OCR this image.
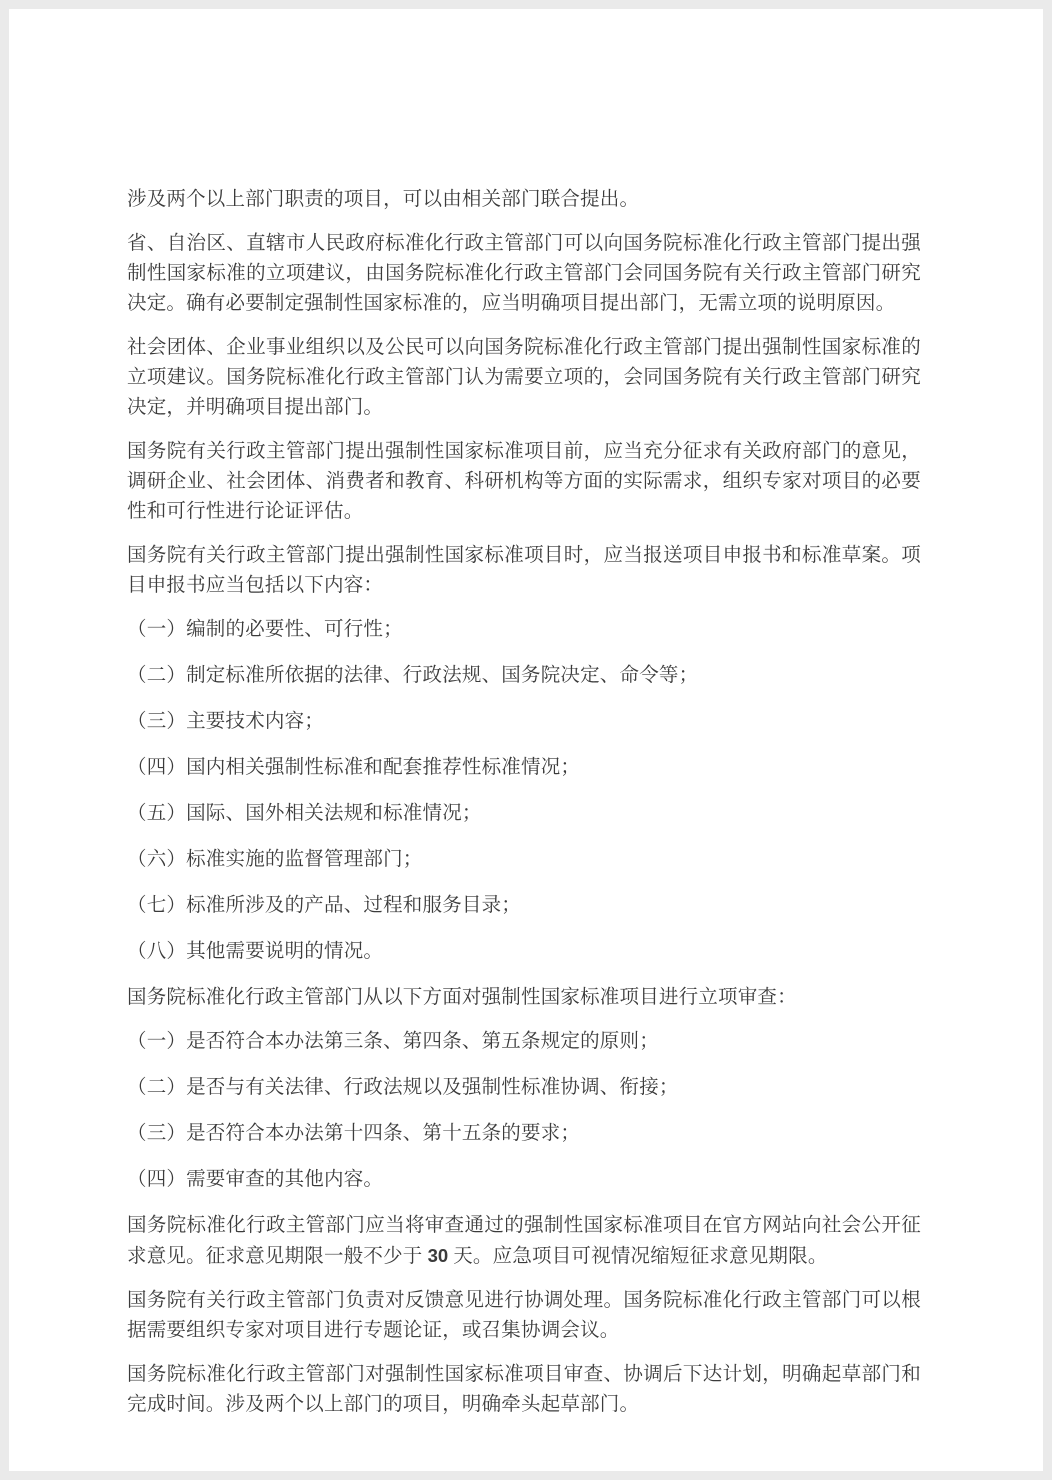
涉及两个以上部门职责的项目，可以由相关部门联合提出。

省、自治区、直辖市人民政府标准化行政主管部门可以向国务院标准化行政主管部门提出强制性国家标准的立项建议，由国务院标准化行政主管部门会同国务院有关行政主管部门研究决定。确有必要制定强制性国家标准的，应当明确项目提出部门，无需立项的说明原因。

社会团体、企业事业组织以及公民可以向国务院标准化行政主管部门提出强制性国家标准的立项建议。国务院标准化行政主管部门认为需要立项的，会同国务院有关行政主管部门研究决定，并明确项目提出部门。

国务院有关行政主管部门提出强制性国家标准项目前，应当充分征求有关政府部门的意见，调研企业、社会团体、消费者和教育、科研机构等方面的实际需求，组织专家对项目的必要性和可行性进行论证评估。

国务院有关行政主管部门提出强制性国家标准项目时，应当报送项目申报书和标准草案。项目申报书应当包括以下内容：

（一）编制的必要性、可行性；

（二）制定标准所依据的法律、行政法规、国务院决定、命令等；

（三）主要技术内容；

（四）国内相关强制性标准和配套推荐性标准情况；

（五）国际、国外相关法规和标准情况；

（六）标准实施的监督管理部门；

（七）标准所涉及的产品、过程和服务目录；

（八）其他需要说明的情况。

国务院标准化行政主管部门从以下方面对强制性国家标准项目进行立项审查：

（一）是否符合本办法第三条、第四条、第五条规定的原则；

（二）是否与有关法律、行政法规以及强制性标准协调、衔接；

（三）是否符合本办法第十四条、第十五条的要求；

（四）需要审查的其他内容。

国务院标准化行政主管部门应当将审查通过的强制性国家标准项目在官方网站向社会公开征求意见。征求意见期限一般不少于 30 天。应急项目可视情况缩短征求意见期限。

国务院有关行政主管部门负责对反馈意见进行协调处理。国务院标准化行政主管部门可以根据需要组织专家对项目进行专题论证，或召集协调会议。

国务院标准化行政主管部门对强制性国家标准项目审查、协调后下达计划，明确起草部门和完成时间。涉及两个以上部门的项目，明确牵头起草部门。
